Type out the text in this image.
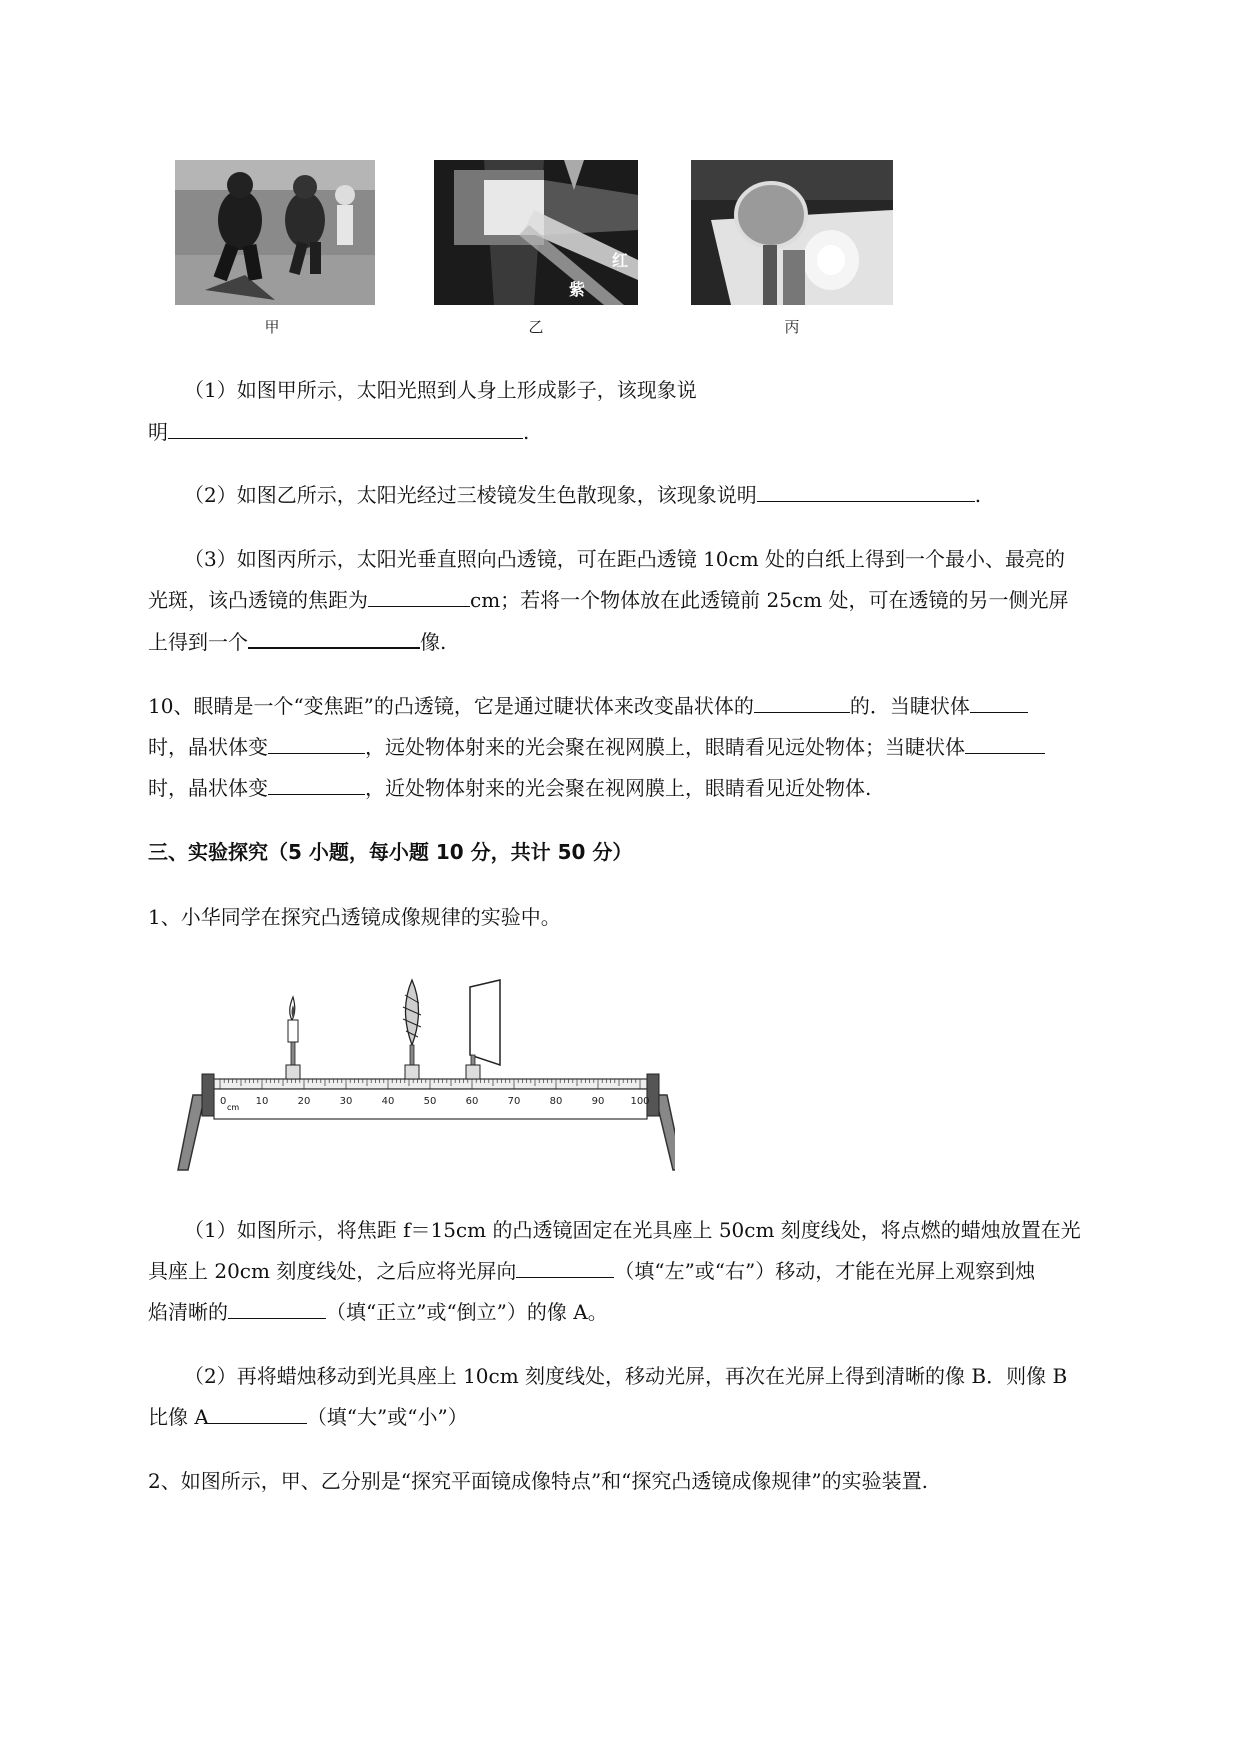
红
紫
甲	乙	丙
（1）如图甲所示，太阳光照到人身上形成影子，该现象说
明	.
（2）如图乙所示，太阳光经过三棱镜发生色散现象，该现象说明	.
（3）如图丙所示，太阳光垂直照向凸透镜，可在距凸透镜 10cm 处的白纸上得到一个最小、最亮的
光斑，该凸透镜的焦距为	cm；若将一个物体放在此透镜前 25cm 处，可在透镜的另一侧光屏
上得到一个	像.
10、眼睛是一个“变焦距”的凸透镜，它是通过睫状体来改变晶状体的	的．当睫状体
时，晶状体变	，远处物体射来的光会聚在视网膜上，眼睛看见远处物体；当睫状体
时，晶状体变	，近处物体射来的光会聚在视网膜上，眼睛看见近处物体.
三、实验探究（5 小题，每小题 10 分，共计 50 分）
1、小华同学在探究凸透镜成像规律的实验中。
0	10	20	30	40	50	60	70	80	90	100
cm
（1）如图所示，将焦距 f＝15cm 的凸透镜固定在光具座上 50cm 刻度线处，将点燃的蜡烛放置在光
具座上 20cm 刻度线处，之后应将光屏向	（填“左”或“右”）移动，才能在光屏上观察到烛
焰清晰的	（填“正立”或“倒立”）的像 A。
（2）再将蜡烛移动到光具座上 10cm 刻度线处，移动光屏，再次在光屏上得到清晰的像 B．则像 B
比像 A	（填“大”或“小”）
2、如图所示，甲、乙分别是“探究平面镜成像特点”和“探究凸透镜成像规律”的实验装置.
